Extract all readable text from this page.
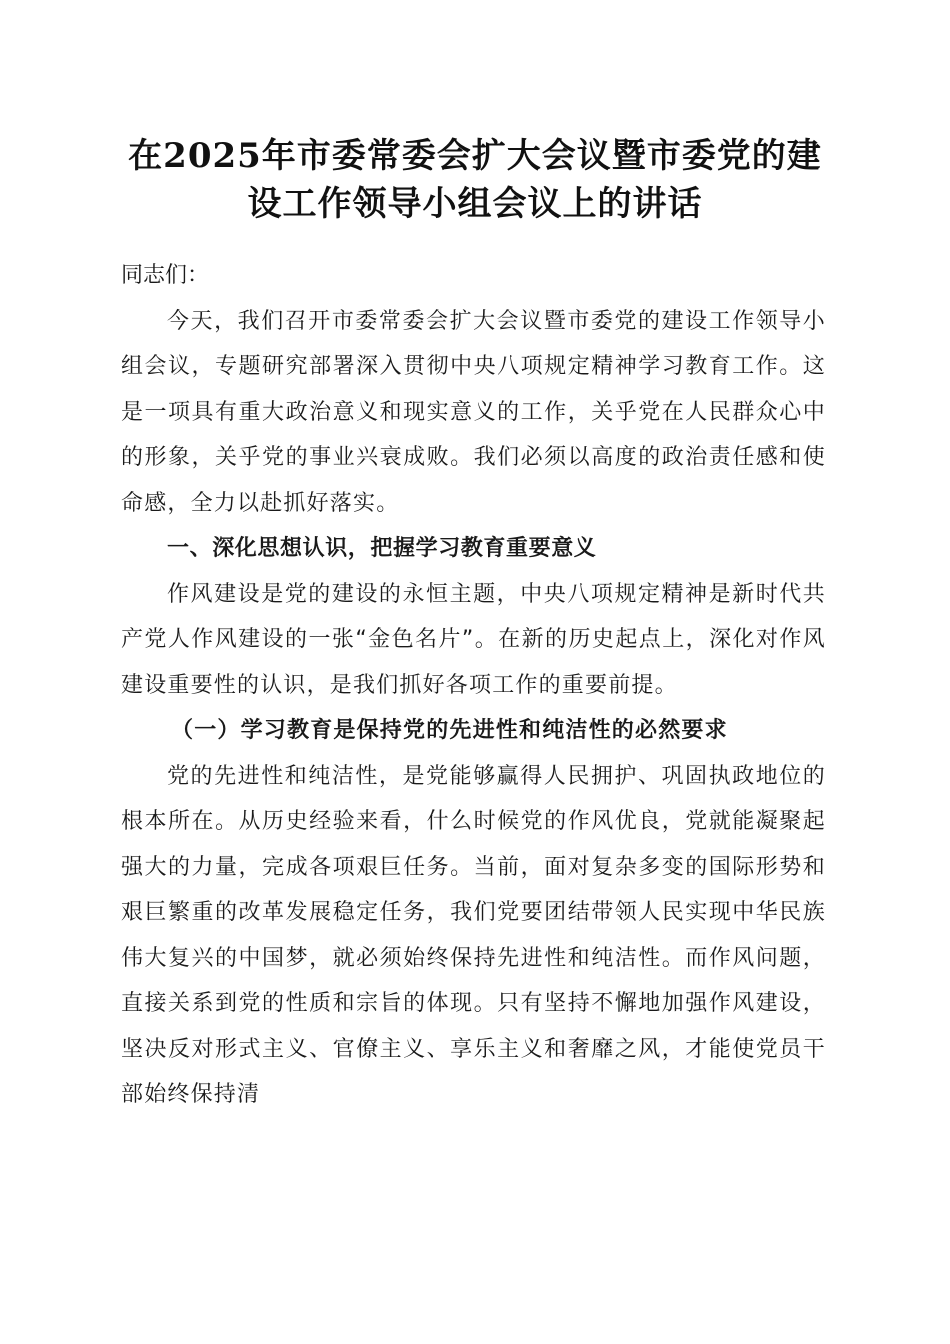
在2025年市委常委会扩大会议暨市委党的建
设工作领导小组会议上的讲话

同志们：

今天，我们召开市委常委会扩大会议暨市委党的建设工作领导小组会议，专题研究部署深入贯彻中央八项规定精神学习教育工作。这是一项具有重大政治意义和现实意义的工作，关乎党在人民群众心中的形象，关乎党的事业兴衰成败。我们必须以高度的政治责任感和使命感，全力以赴抓好落实。

一、深化思想认识，把握学习教育重要意义

作风建设是党的建设的永恒主题，中央八项规定精神是新时代共产党人作风建设的一张“金色名片”。在新的历史起点上，深化对作风建设重要性的认识，是我们抓好各项工作的重要前提。

（一）学习教育是保持党的先进性和纯洁性的必然要求

党的先进性和纯洁性，是党能够赢得人民拥护、巩固执政地位的根本所在。从历史经验来看，什么时候党的作风优良，党就能凝聚起强大的力量，完成各项艰巨任务。当前，面对复杂多变的国际形势和艰巨繁重的改革发展稳定任务，我们党要团结带领人民实现中华民族伟大复兴的中国梦，就必须始终保持先进性和纯洁性。而作风问题，直接关系到党的性质和宗旨的体现。只有坚持不懈地加强作风建设，坚决反对形式主义、官僚主义、享乐主义和奢靡之风，才能使党员干部始终保持清
